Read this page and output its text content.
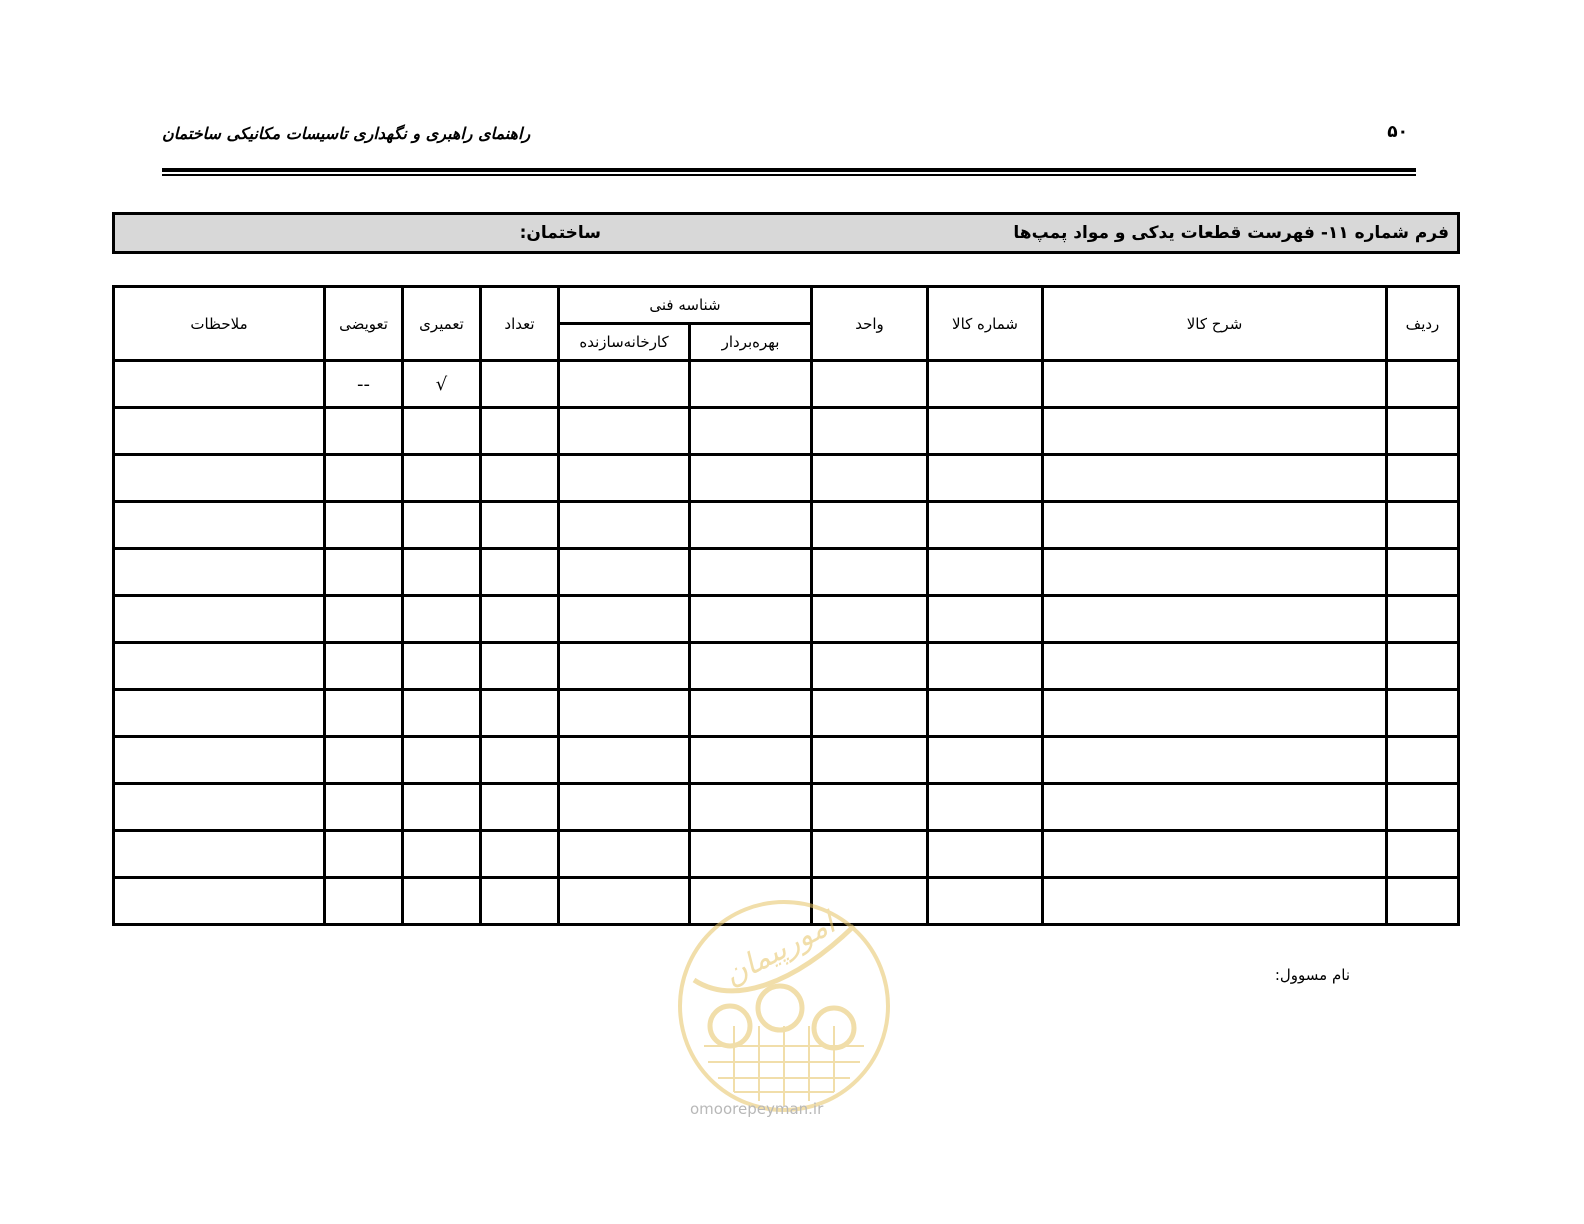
۵۰
راهنمای راهبری و نگهداری تاسیسات مکانیکی ساختمان
فرم شماره ۱۱- فهرست قطعات یدکی و مواد پمپ‌ها
ساختمان:
ردیف	شرح کالا	شماره کالا	واحد	شناسه فنی		تعداد	تعمیری	تعویضی	ملاحظات
				بهره‌بردار	کارخانه‌سازنده				
							√	--	

نام مسوول:
امورپیمان
omoorepeyman.ir
